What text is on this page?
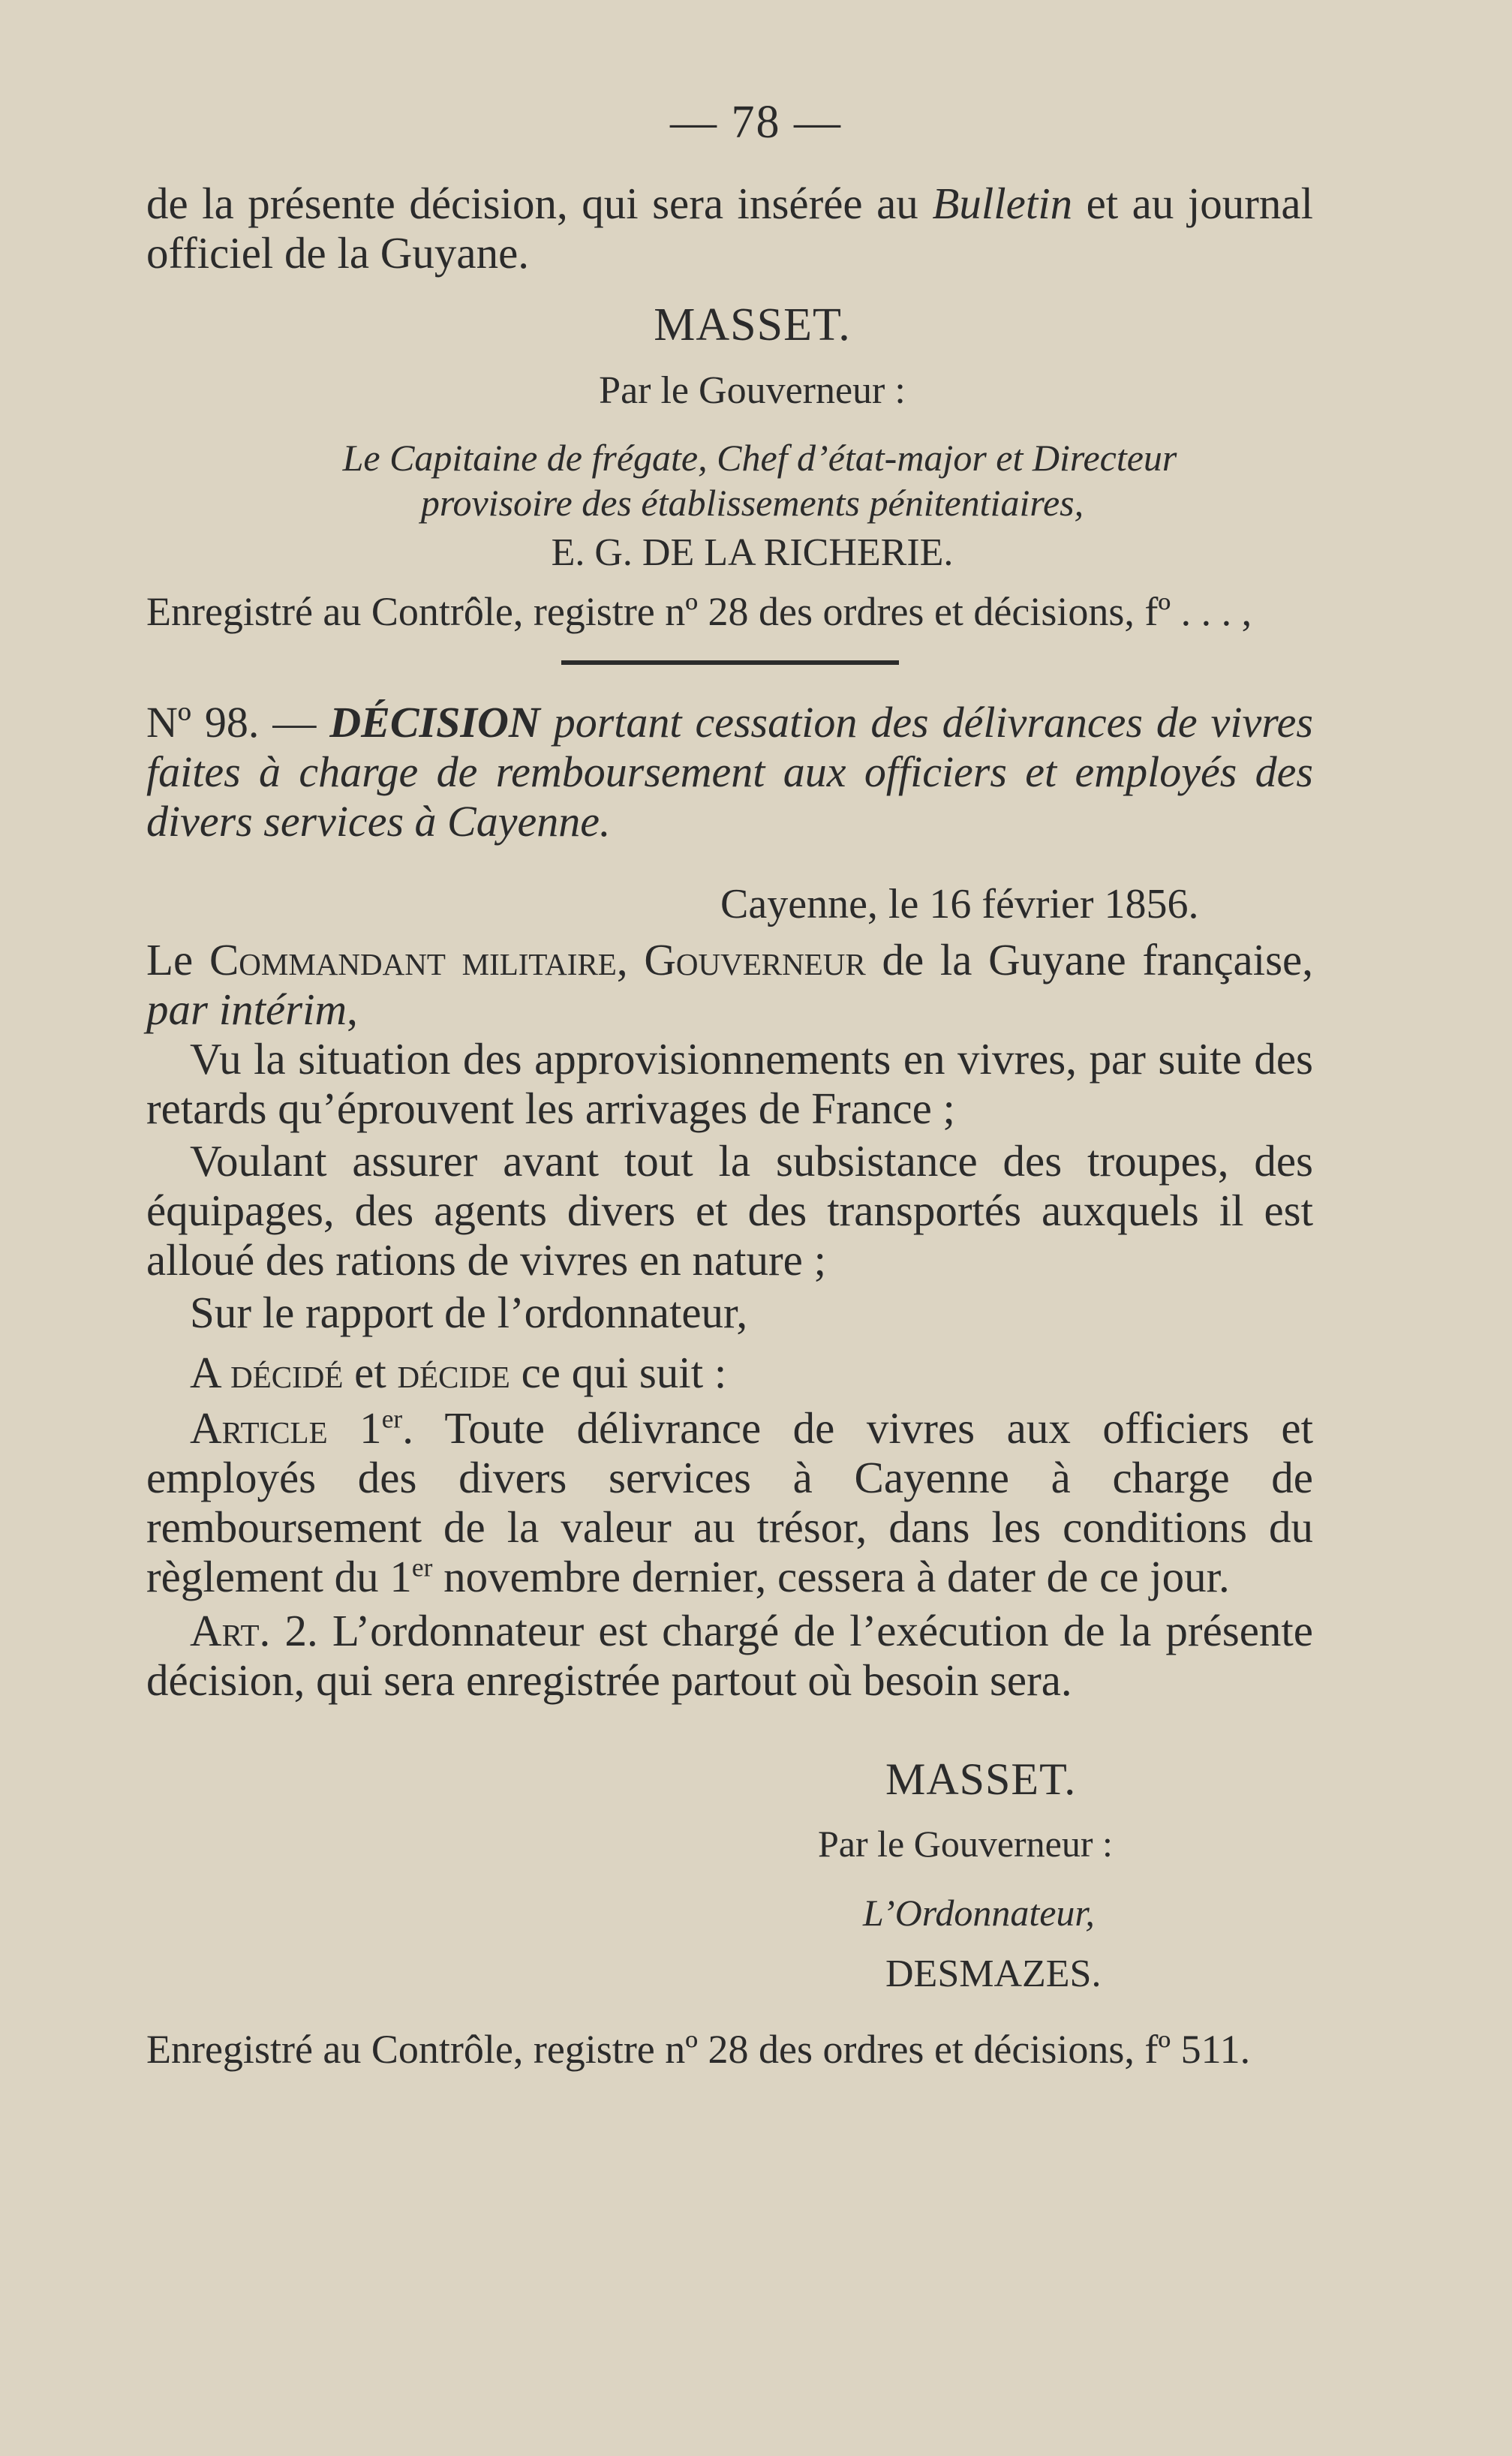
— 78 —

de la présente décision, qui sera insérée au Bulletin et au journal officiel de la Guyane.

MASSET.

Par le Gouverneur :

Le Capitaine de frégate, Chef d’état-major et Directeur

provisoire des établissements pénitentiaires,

E. G. DE LA RICHERIE.

Enregistré au Contrôle, registre nº 28 des ordres et décisions, fº . . . ,

Nº 98. — DÉCISION portant cessation des délivrances de vivres faites à charge de remboursement aux officiers et employés des divers services à Cayenne.

Cayenne, le 16 février 1856.

Le Commandant militaire, Gouverneur de la Guyane française, par intérim,

Vu la situation des approvisionnements en vivres, par suite des retards qu’éprouvent les arrivages de France ;

Voulant assurer avant tout la subsistance des troupes, des équipages, des agents divers et des transportés auxquels il est alloué des rations de vivres en nature ;

Sur le rapport de l’ordonnateur,

A décidé et décide ce qui suit :

Article 1er. Toute délivrance de vivres aux officiers et employés des divers services à Cayenne à charge de remboursement de la valeur au trésor, dans les conditions du règlement du 1er novembre dernier, cessera à dater de ce jour.

Art. 2. L’ordonnateur est chargé de l’exécution de la présente décision, qui sera enregistrée partout où besoin sera.

MASSET.

Par le Gouverneur :

L’Ordonnateur,

DESMAZES.

Enregistré au Contrôle, registre nº 28 des ordres et décisions, fº 511.
